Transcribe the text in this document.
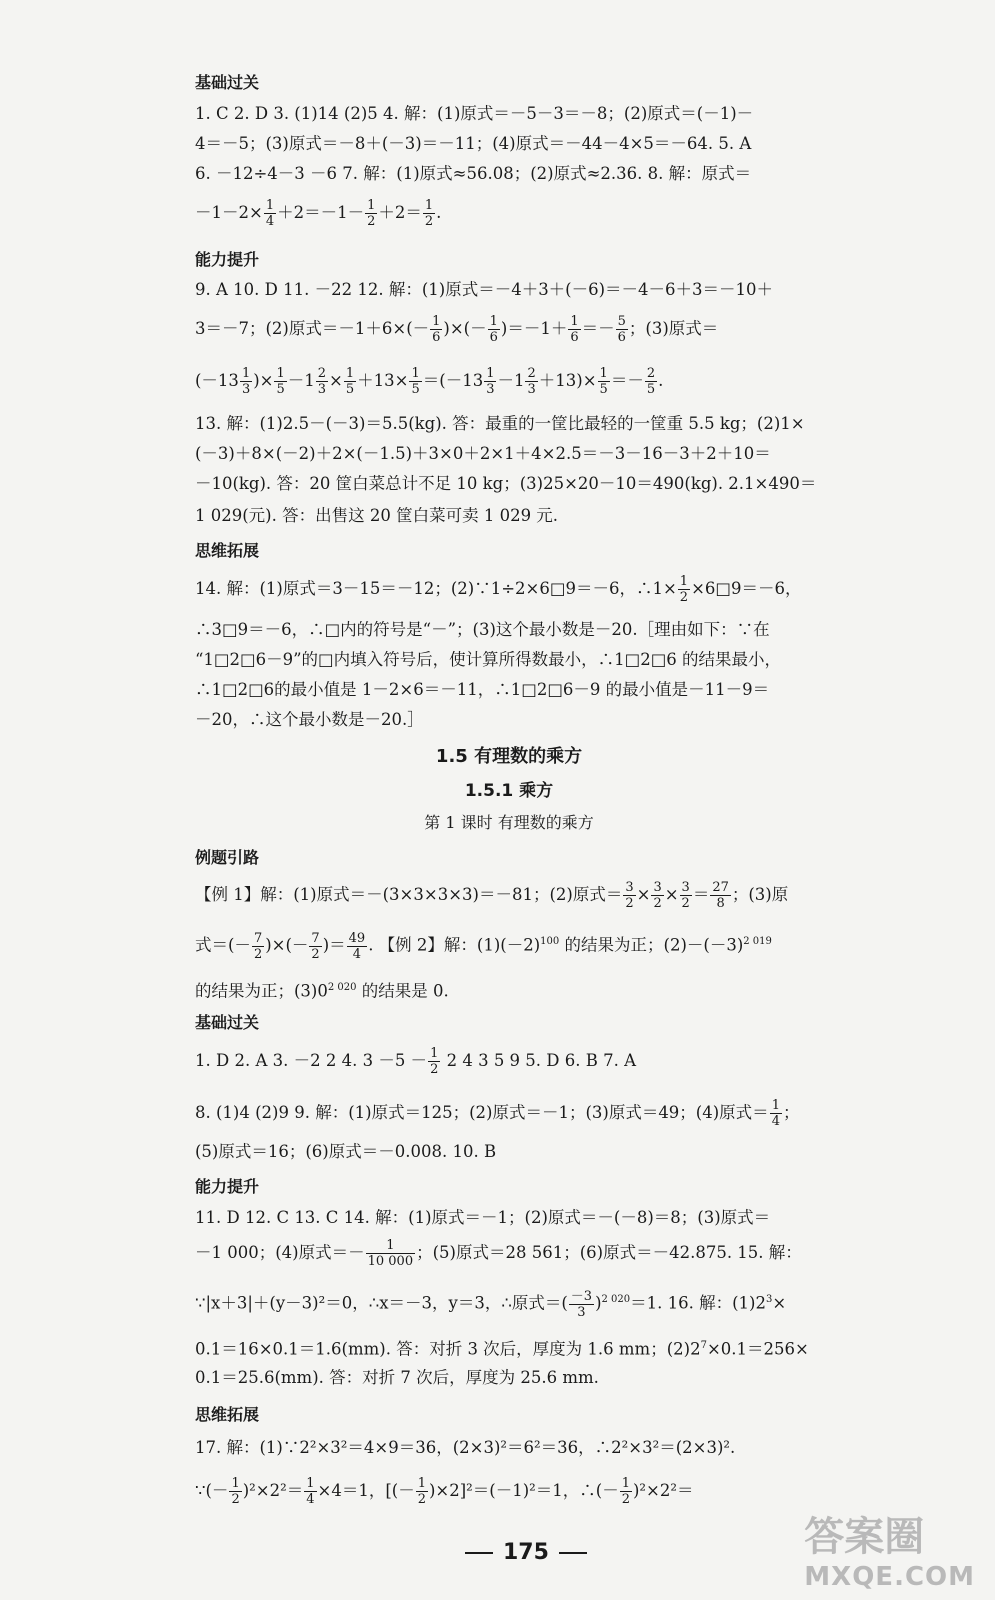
基础过关
1. C 2. D 3. (1)14 (2)5 4. 解：(1)原式＝－5－3＝－8；(2)原式＝(－1)－
4＝－5；(3)原式＝－8＋(－3)＝－11；(4)原式＝－44－4×5＝－64. 5. A
6. －12÷4－3 －6 7. 解：(1)原式≈56.08；(2)原式≈2.36. 8. 解：原式＝
$-1-2\times \frac{1}{4} +2=-1- \frac{1}{2} +2= \frac{1}{2}$ .
能力提升
9. A 10. D 11. －22 12. 解：(1)原式＝－4＋3＋(－6)＝－4－6＋3＝－10＋
3＝－7；(2)原式$=-1+6\times(- \frac{1}{6}$ )×(－ $\frac{1}{6} )=-1+ \frac{1}{6} =- \frac{5}{6}$ ；(3)原式＝
($-13 \frac{1}{3}$ )× $\frac{1}{5} -1 \frac{2}{3} \times \frac{1}{5} +13\times \frac{1}{5} =(-13 \frac{1}{3} -1 \frac{2}{3} +13)\times \frac{1}{5} =- \frac{2}{5}$ .
13. 解：(1)2.5－(－3)＝5.5(kg). 答：最重的一筐比最轻的一筐重 5.5 kg；(2)1×
(－3)＋8×(－2)＋2×(－1.5)＋3×0＋2×1＋4×2.5＝－3－16－3＋2＋10＝
－10(kg). 答：20 筐白菜总计不足 10 kg；(3)25×20－10＝490(kg). 2.1×490＝
1 029(元). 答：出售这 20 筐白菜可卖 1 029 元.
思维拓展
14. 解：(1)原式＝3－15＝－12；(2)∵1÷2×6□9＝－6，∴1× $\frac{1}{2}$ ×6□9＝－6，
∴3□9＝－6，∴□内的符号是“－”；(3)这个最小数是－20.［理由如下：∵在
“1□2□6－9”的□内填入符号后，使计算所得数最小，∴1□2□6 的结果最小，
∴1□2□6的最小值是 1－2×6＝－11，∴1□2□6－9 的最小值是－11－9＝
－20，∴这个最小数是－20.］
1.5 有理数的乘方
1.5.1 乘方
第 1 课时 有理数的乘方
例题引路
【例 1】解：(1)原式＝－(3×3×3×3)＝－81；(2)原式＝ $\frac{3}{2} \times \frac{3}{2} \times \frac{3}{2} = \frac{27}{8}$ ；(3)原
式＝(－ $\frac{7}{2}$ )×(－ $\frac{7}{2}$ )＝ $\frac{49}{4}$ . 【例 2】解：$(1)(-2)^{100}$ 的结果为正；$(2)-(-3)^{2 019}$
的结果为正；$(3)0^{2 020}$ 的结果是 0.
基础过关
1. D 2. A 3. －2 2 4. $3 -5 - \frac{1}{2} 2$ 4 3 5 9 5. D 6. B 7. A
8. (1)4 (2)9 9. 解：(1)原式＝125；(2)原式＝－1；(3)原式＝49；(4)原式＝ $\frac{1}{4}$ ；
(5)原式＝16；(6)原式＝－0.008. 10. B
能力提升
11. D 12. C 13. C 14. 解：(1)原式＝－1；(2)原式＝－(－8)＝8；(3)原式＝
－1 000；(4)原式＝－ $\frac{1}{10 000}$ ；(5)原式＝28 561；(6)原式＝－42.875. 15. 解：
∵|x＋3|＋(y－3)²＝0，∴x＝－3，y＝3，∴原式＝( $\frac{-3}{3} )^{2 020}=1$. 16. 解：$(1)2^3\times$
0.1＝16×0.1＝1.6(mm). 答：对折 3 次后，厚度为 1.6 mm；$(2)2^7\times 0.1=256\times$
0.1＝25.6(mm). 答：对折 7 次后，厚度为 25.6 mm.
思维拓展
17. 解：(1)∵2²×3²＝4×9＝36，(2×3)²＝6²＝36，∴2²×3²＝(2×3)².
∵(－ $\frac{1}{2} )^2\times 2^2= \frac{1}{4} \times 4=1$，[(－ $\frac{1}{2} )\times 2]^2=(-1)^2=1$，∴(－ $\frac{1}{2} )^2\times 2^2=$
175	答案圈
MXQE.COM
